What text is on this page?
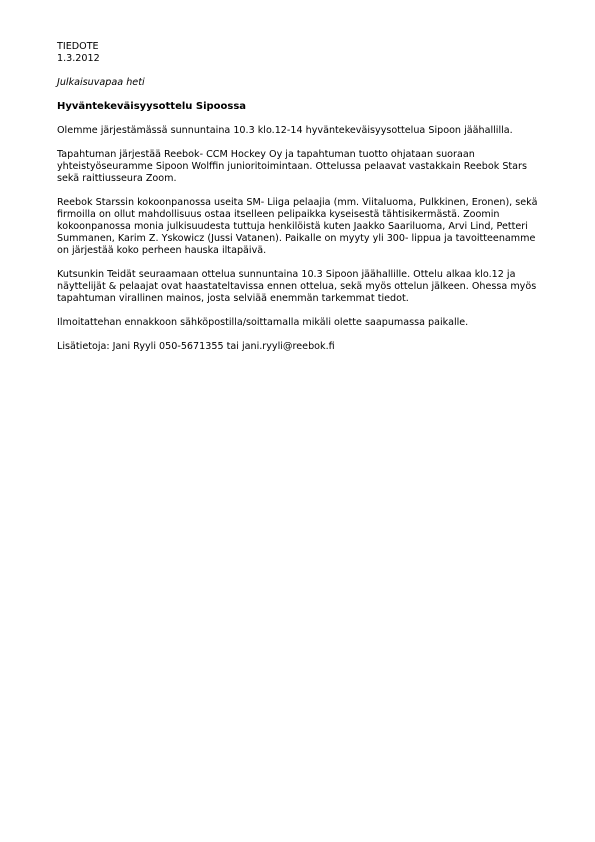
TIEDOTE

1.3.2012

Julkaisuvapaa heti

Hyväntekeväisyysottelu Sipoossa

Olemme järjestämässä sunnuntaina 10.3 klo.12-14 hyväntekeväisyysottelua Sipoon jäähallilla.
Tapahtuman järjestää Reebok- CCM Hockey Oy ja tapahtuman tuotto ohjataan suoraan
yhteistyöseuramme Sipoon Wolffin junioritoimintaan. Ottelussa pelaavat vastakkain Reebok Stars
sekä raittiusseura Zoom.
Reebok Starssin kokoonpanossa useita SM- Liiga pelaajia (mm. Viitaluoma, Pulkkinen, Eronen), sekä
firmoilla on ollut mahdollisuus ostaa itselleen pelipaikka kyseisestä tähtisikermästä. Zoomin
kokoonpanossa monia julkisuudesta tuttuja henkilöistä kuten Jaakko Saariluoma, Arvi Lind, Petteri
Summanen, Karim Z. Yskowicz (Jussi Vatanen). Paikalle on myyty yli 300- lippua ja tavoitteenamme
on järjestää koko perheen hauska iltapäivä.
Kutsunkin Teidät seuraamaan ottelua sunnuntaina 10.3 Sipoon jäähallille. Ottelu alkaa klo.12 ja
näyttelijät & pelaajat ovat haastateltavissa ennen ottelua, sekä myös ottelun jälkeen. Ohessa myös
tapahtuman virallinen mainos, josta selviää enemmän tarkemmat tiedot.
Ilmoitattehan ennakkoon sähköpostilla/soittamalla mikäli olette saapumassa paikalle.
Lisätietoja: Jani Ryyli 050-5671355 tai jani.ryyli@reebok.fi
